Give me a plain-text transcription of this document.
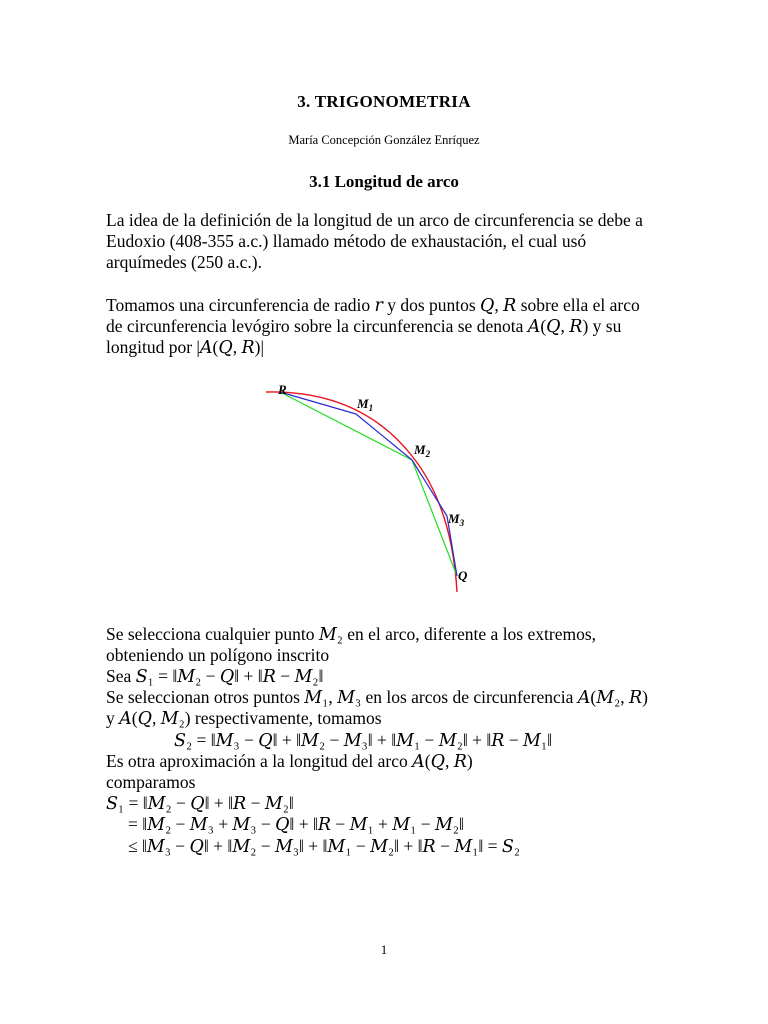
3. TRIGONOMETRIA
María Concepción González Enríquez
3.1 Longitud de arco
La idea de la definición de la longitud de un arco de circunferencia se debe a
Eudoxio (408-355 a.c.) llamado método de exhaustación, el cual usó
arquímedes (250 a.c.).
Tomamos una circunferencia de radio 𝑟 y dos puntos 𝑄, 𝑅 sobre ella el arco
de circunferencia levógiro sobre la circunferencia se denota 𝐴(𝑄, 𝑅) y su
longitud por |𝐴(𝑄, 𝑅)|
R
$M_1$
$M_2$
$M_3$
Q
Se selecciona cualquier punto 𝑀₂ en el arco, diferente a los extremos,
obteniendo un polígono inscrito
Sea 𝑆₁ = ‖𝑀₂ − 𝑄‖ + ‖𝑅 − 𝑀₂‖
Se seleccionan otros puntos 𝑀₁, 𝑀₃ en los arcos de circunferencia 𝐴(𝑀₂, 𝑅)
y 𝐴(𝑄, 𝑀₂) respectivamente, tomamos
𝑆₂ = ‖𝑀₃ − 𝑄‖ + ‖𝑀₂ − 𝑀₃‖ + ‖𝑀₁ − 𝑀₂‖ + ‖𝑅 − 𝑀₁‖
Es otra aproximación a la longitud del arco 𝐴(𝑄, 𝑅)
comparamos
𝑆₁ = ‖𝑀₂ − 𝑄‖ + ‖𝑅 − 𝑀₂‖
= ‖𝑀₂ − 𝑀₃ + 𝑀₃ − 𝑄‖ + ‖𝑅 − 𝑀₁ + 𝑀₁ − 𝑀₂‖
≤ ‖𝑀₃ − 𝑄‖ + ‖𝑀₂ − 𝑀₃‖ + ‖𝑀₁ − 𝑀₂‖ + ‖𝑅 − 𝑀₁‖ = 𝑆₂
1
